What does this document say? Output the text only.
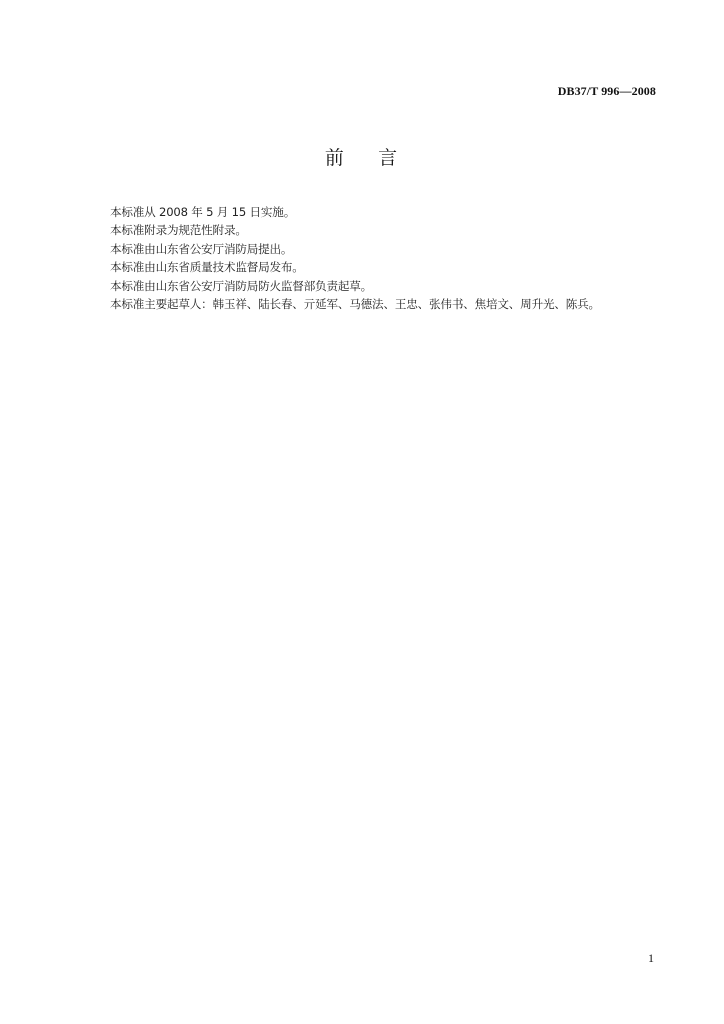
DB37/T 996—2008
前    言
本标准从 2008 年 5 月 15 日实施。
本标准附录为规范性附录。
本标准由山东省公安厅消防局提出。
本标准由山东省质量技术监督局发布。
本标准由山东省公安厅消防局防火监督部负责起草。
本标准主要起草人：韩玉祥、陆长春、亓延军、马德法、王忠、张伟书、焦培文、周升光、陈兵。
1
